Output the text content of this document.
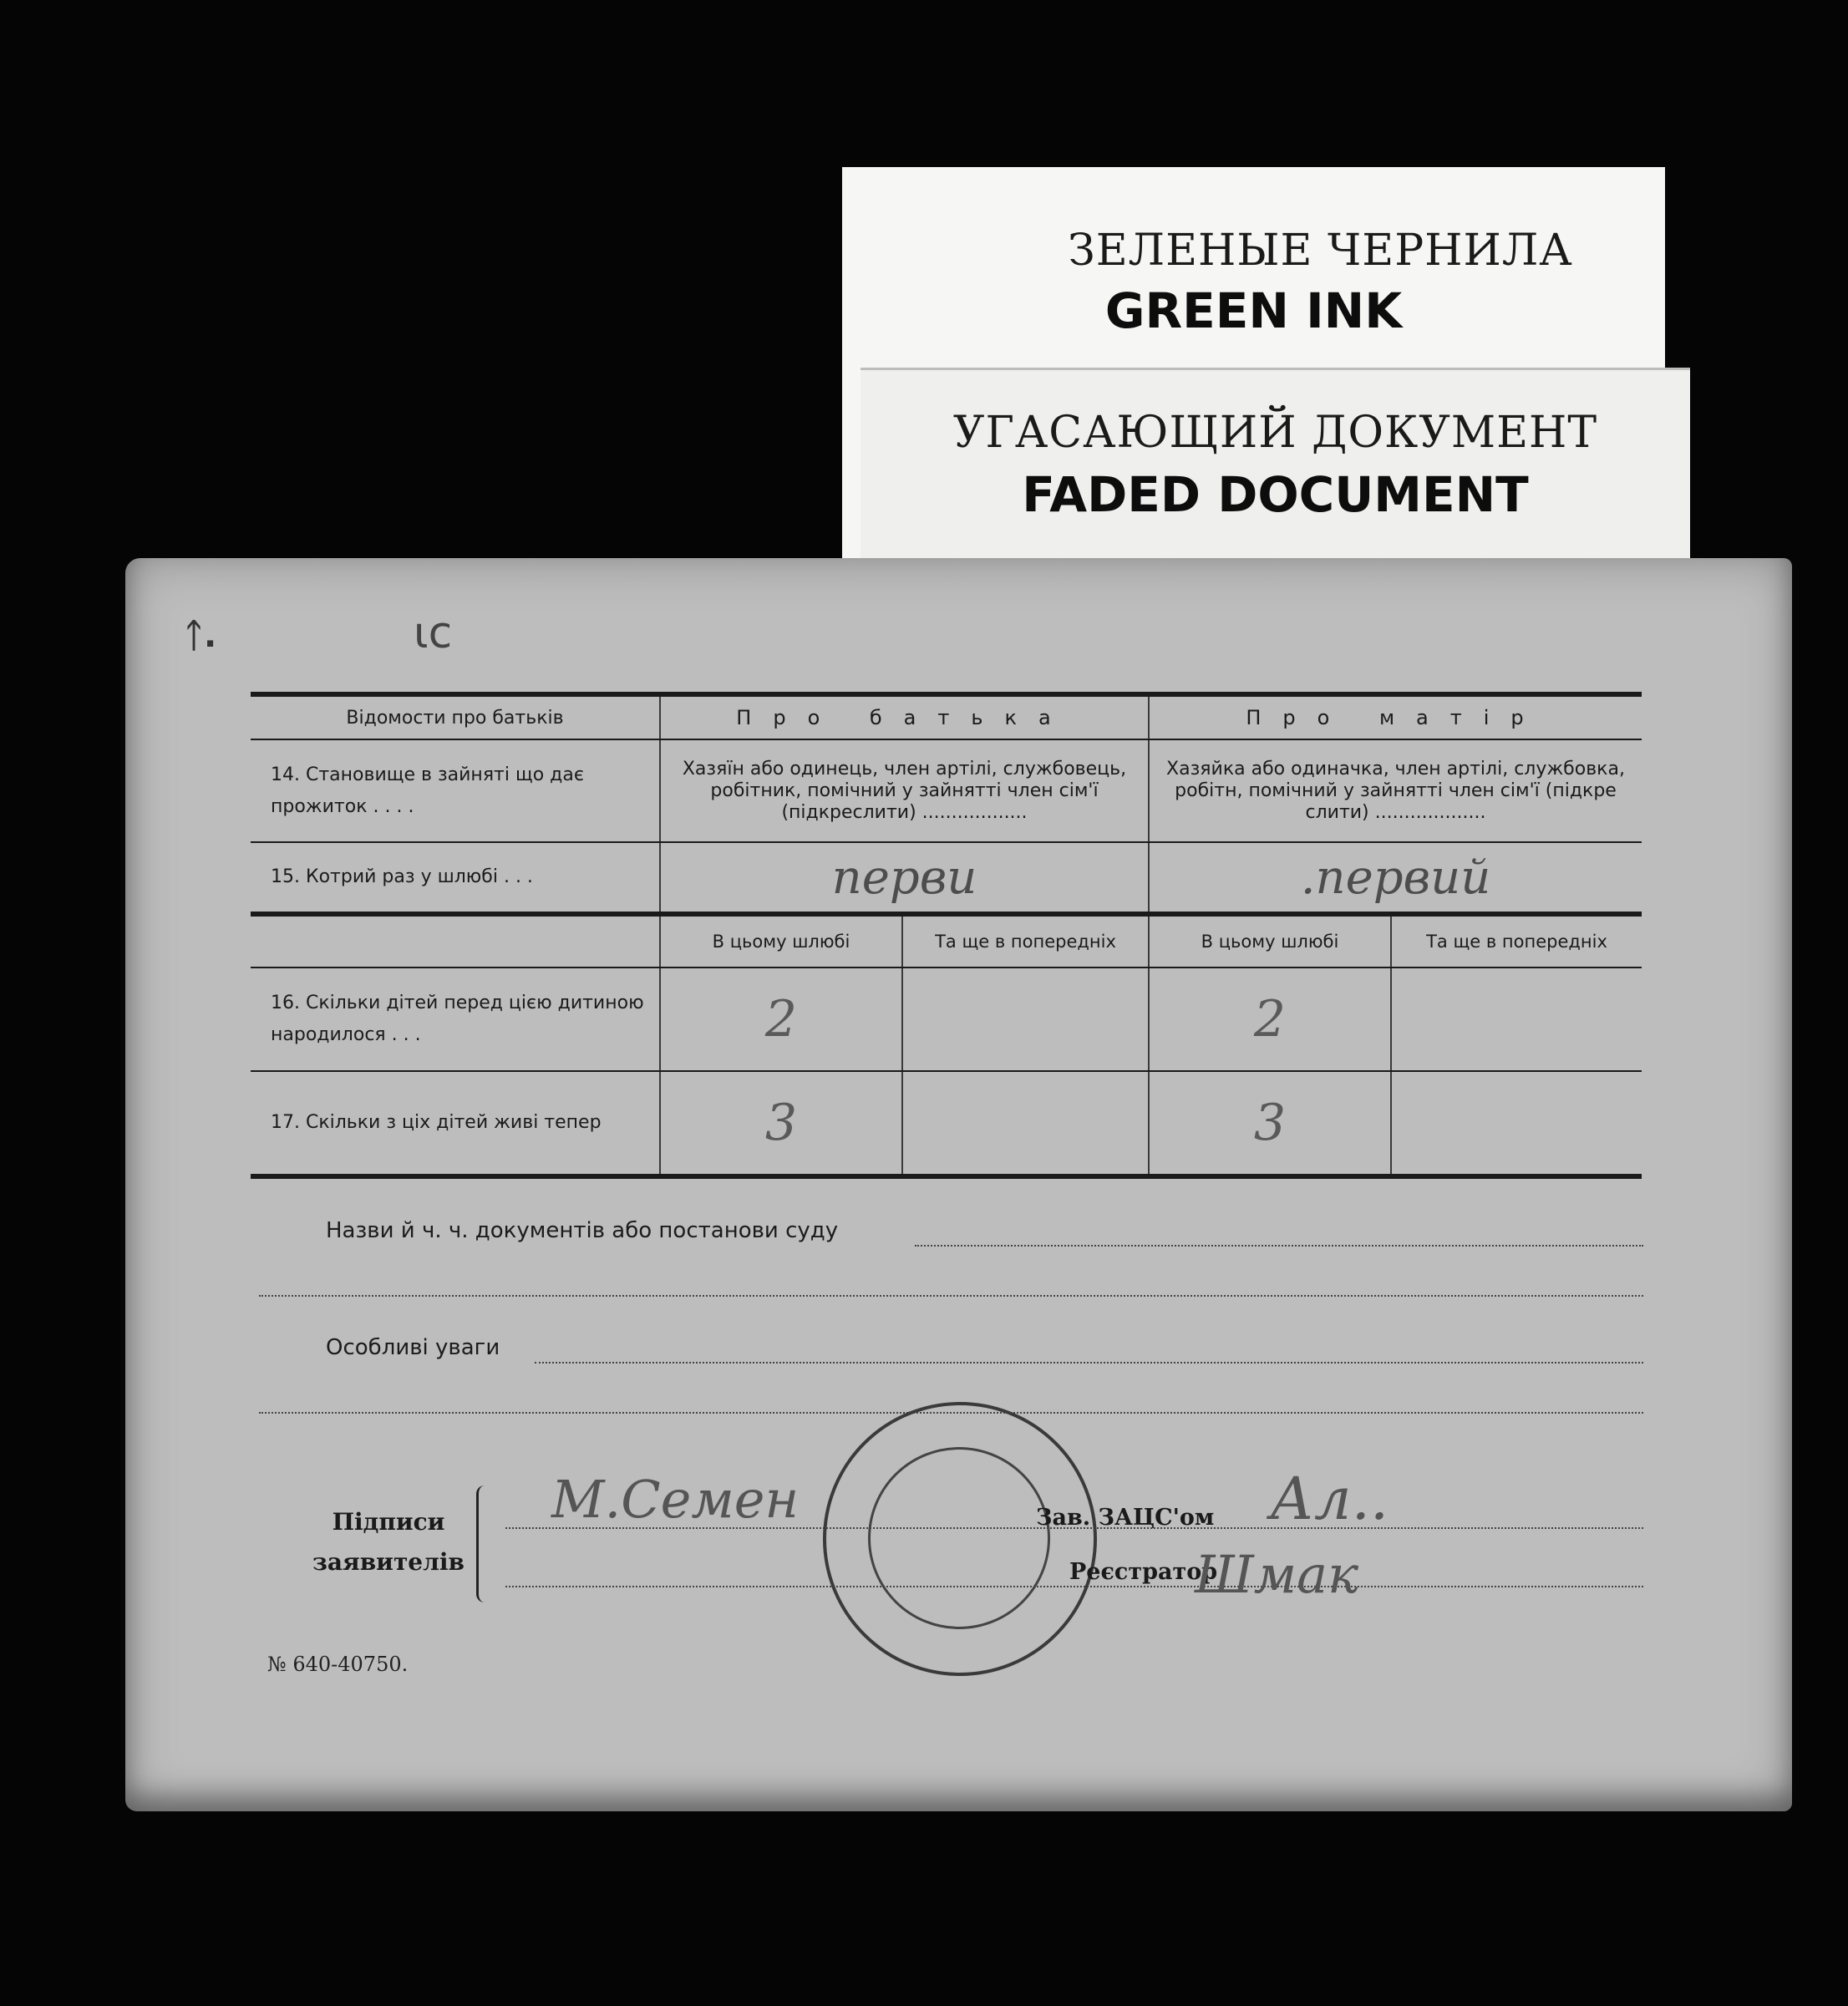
ЗЕЛЕНЫЕ ЧЕРНИЛА
GREEN INK
УГАСАЮЩИЙ ДОКУМЕНТ
FADED DOCUMENT
ᛏ.	ιc
Відомости про батьків	Про батька		Про матір	
14. Становище в зайняті що дає прожиток . . . .	Хазяїн або одинець, член артілі, службовець, робітник, помічний у зайнятті член сім'ї (підкреслити) ..................		Хазяйка або одиначка, член артілі, службовка, робітн, помічний у зайнятті член сім'ї (підкре слити) ...................	
15. Котрий раз у шлюбі . . .	перви		.первий	
	В цьому шлюбі	Та ще в попередніх	В цьому шлюбі	Та ще в попередніх
16. Скільки дітей перед цією дитиною народилося . . .	2		2	
17. Скільки з ціх дітей живі тепер	3		3	
Назви й ч. ч. документів або постанови суду
Особливі уваги
Підписи заявителів
М.Семен	Зав. ЗАЦС'ом
Реєстратор
Ал..
Шмак
№ 640-40750.
